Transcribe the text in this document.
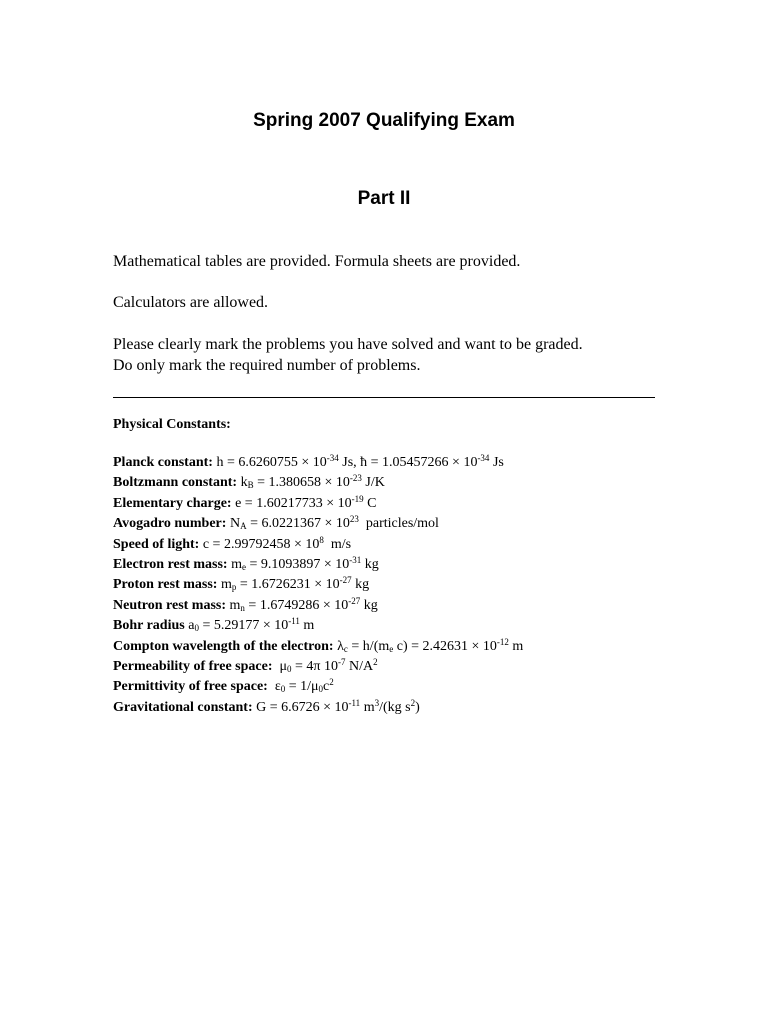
Spring 2007 Qualifying Exam
Part II

Mathematical tables are provided. Formula sheets are provided.

Calculators are allowed.

Please clearly mark the problems you have solved and want to be graded.
Do only mark the required number of problems.

Physical Constants:

Planck constant: $h = 6.6260755 \times 10^{-34}$ Js, ħ = $1.05457266 \times 10^{-34}$ Js
Boltzmann constant: $k_B = 1.380658 \times 10^{-23}$ J/K
Elementary charge: $e = 1.60217733 \times 10^{-19}$ C
Avogadro number: $N_A = 6.0221367 \times 10^{23}$  particles/mol
Speed of light: $c = 2.99792458 \times 10^8$  m/s
Electron rest mass: $m_e = 9.1093897 \times 10^{-31}$ kg
Proton rest mass: $m_p = 1.6726231 \times 10^{-27}$ kg
Neutron rest mass: $m_n = 1.6749286 \times 10^{-27}$ kg
Bohr radius $a_0 = 5.29177 \times 10^{-11}$ m
Compton wavelength of the electron: $\lambda_c = h/(m_e$ $c) = 2.42631 \times 10^{-12}$ m
Permeability of free space:  $\mu_0 = 4\pi$ $10^{-7}$ $N/A^2$
Permittivity of free space:  $\varepsilon_0 = 1/\mu_0c^2$
Gravitational constant: $G = 6.6726 \times 10^{-11}$ $m^3/(kg$ $s^2$)
